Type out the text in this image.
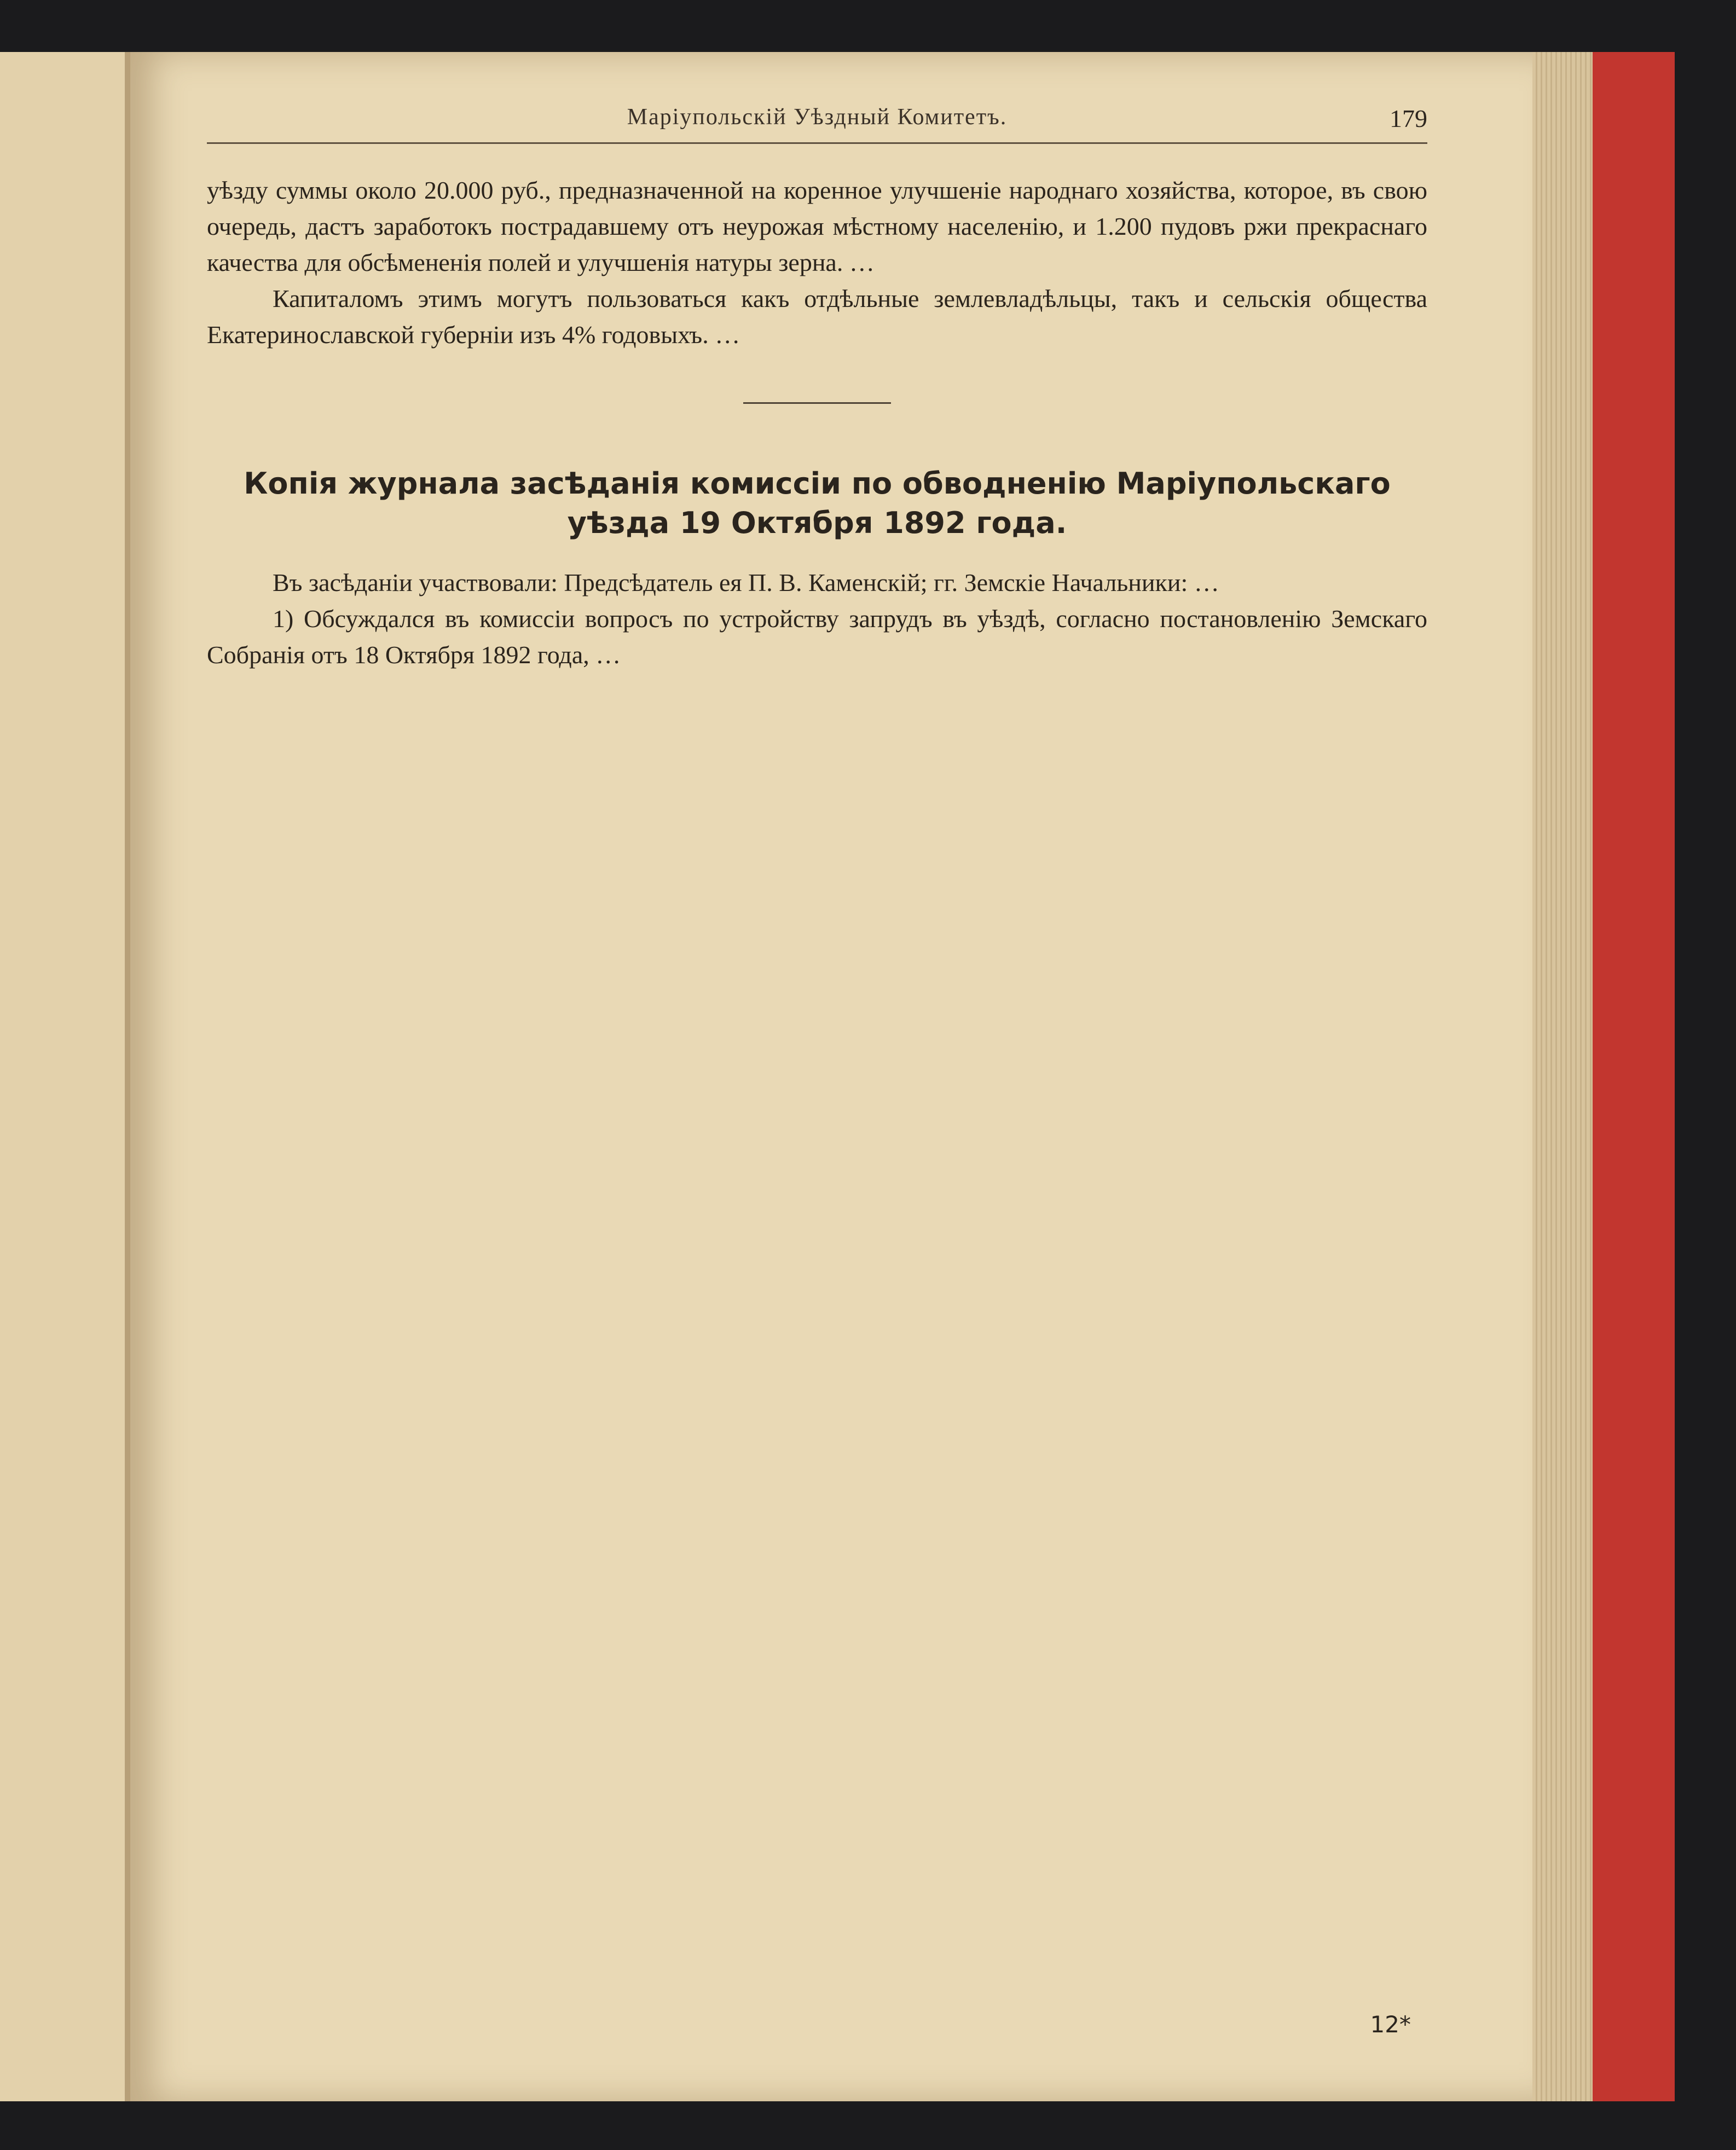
Маріупольскій Уѣздный Комитетъ.	179

уѣзду суммы около 20.000 руб., предназначенной на коренное улучшеніе народнаго хозяйства, которое, въ свою очередь, дастъ заработокъ пострадавшему отъ неурожая мѣстному населенію, и 1.200 пудовъ ржи прекраснаго качества для обсѣмененія полей и улучшенія натуры зерна. …

Капиталомъ этимъ могутъ пользоваться какъ отдѣльные землевладѣльцы, такъ и сельскія общества Екатеринославской губерніи изъ 4% годовыхъ. …

Копія журнала засѣданія комиссіи по обводненію Маріупольскаго уѣзда 19 Октября 1892 года.

Въ засѣданіи участвовали: Предсѣдатель ея П. В. Каменскій; гг. Земскіе Начальники: …

1) Обсуждался въ комиссіи вопросъ по устройству запрудъ въ уѣздѣ, согласно постановленію Земскаго Собранія отъ 18 Октября 1892 года, …

12*
